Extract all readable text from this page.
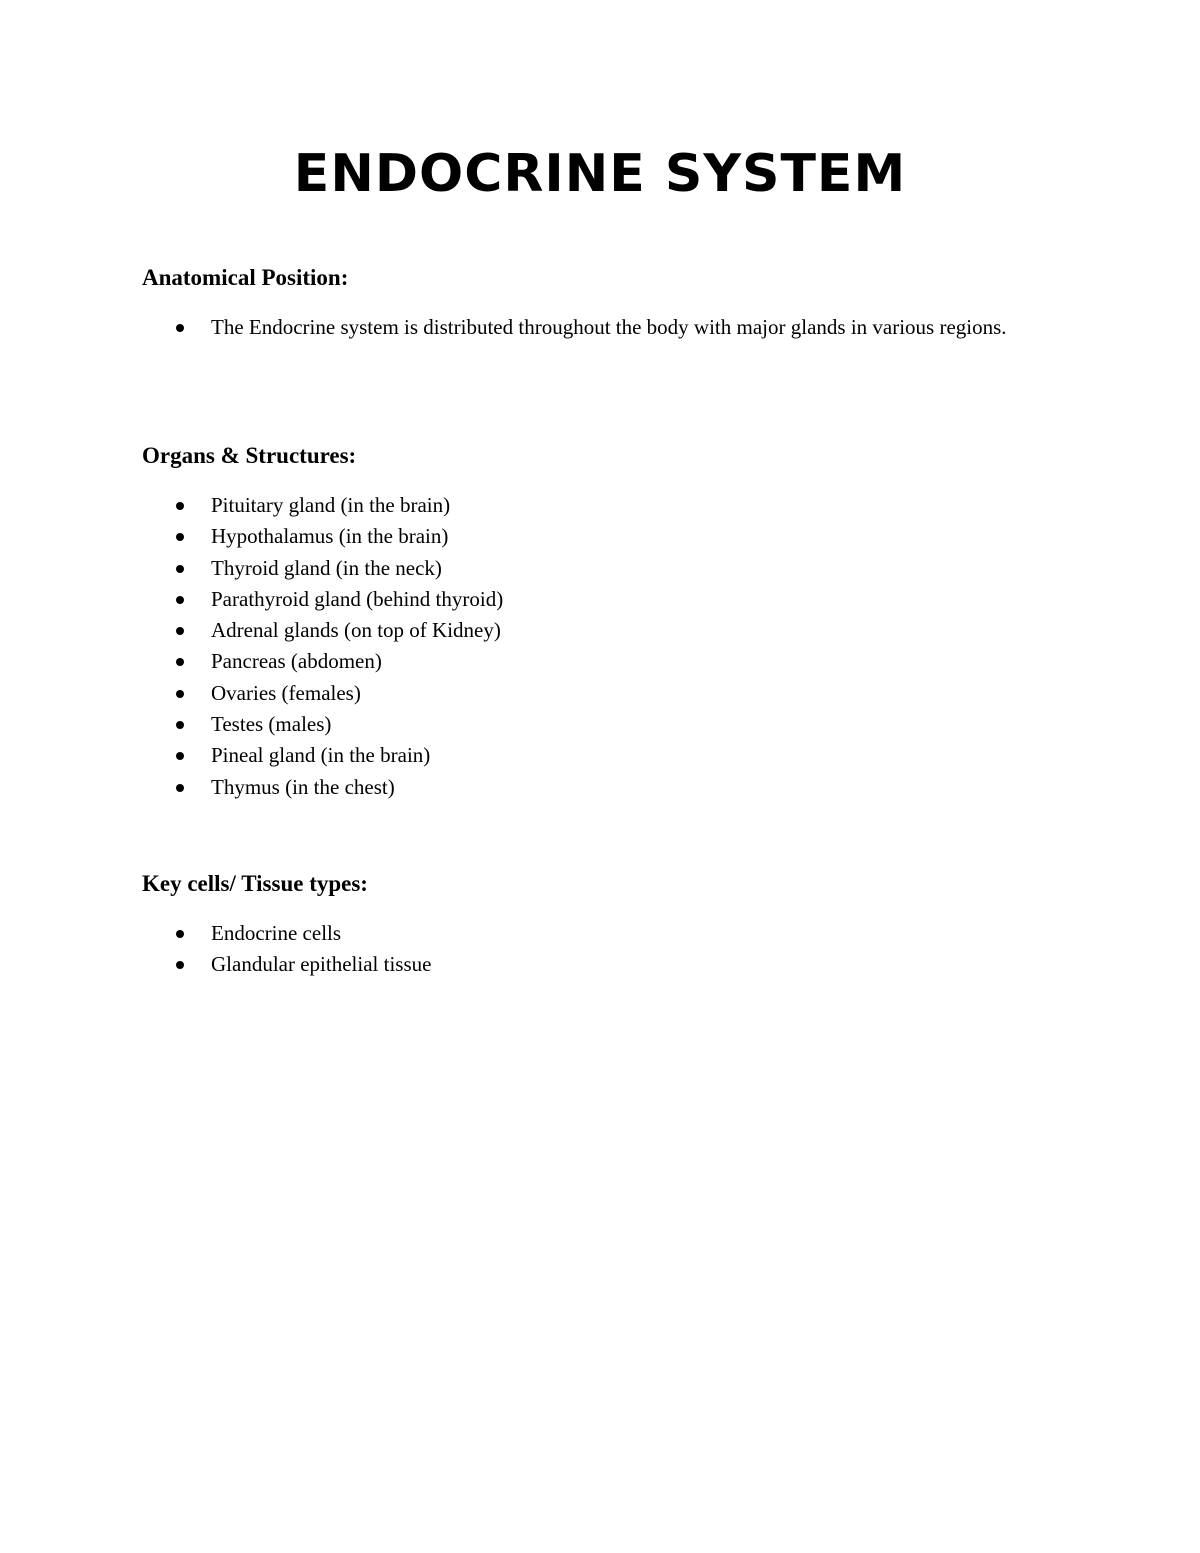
ENDOCRINE SYSTEM
Anatomical Position:
The Endocrine system is distributed throughout the body with major glands in various regions.
Organs & Structures:
Pituitary gland (in the brain)
Hypothalamus (in the brain)
Thyroid gland (in the neck)
Parathyroid gland (behind thyroid)
Adrenal glands (on top of Kidney)
Pancreas (abdomen)
Ovaries (females)
Testes (males)
Pineal gland (in the brain)
Thymus (in the chest)
Key cells/ Tissue types:
Endocrine cells
Glandular epithelial tissue
